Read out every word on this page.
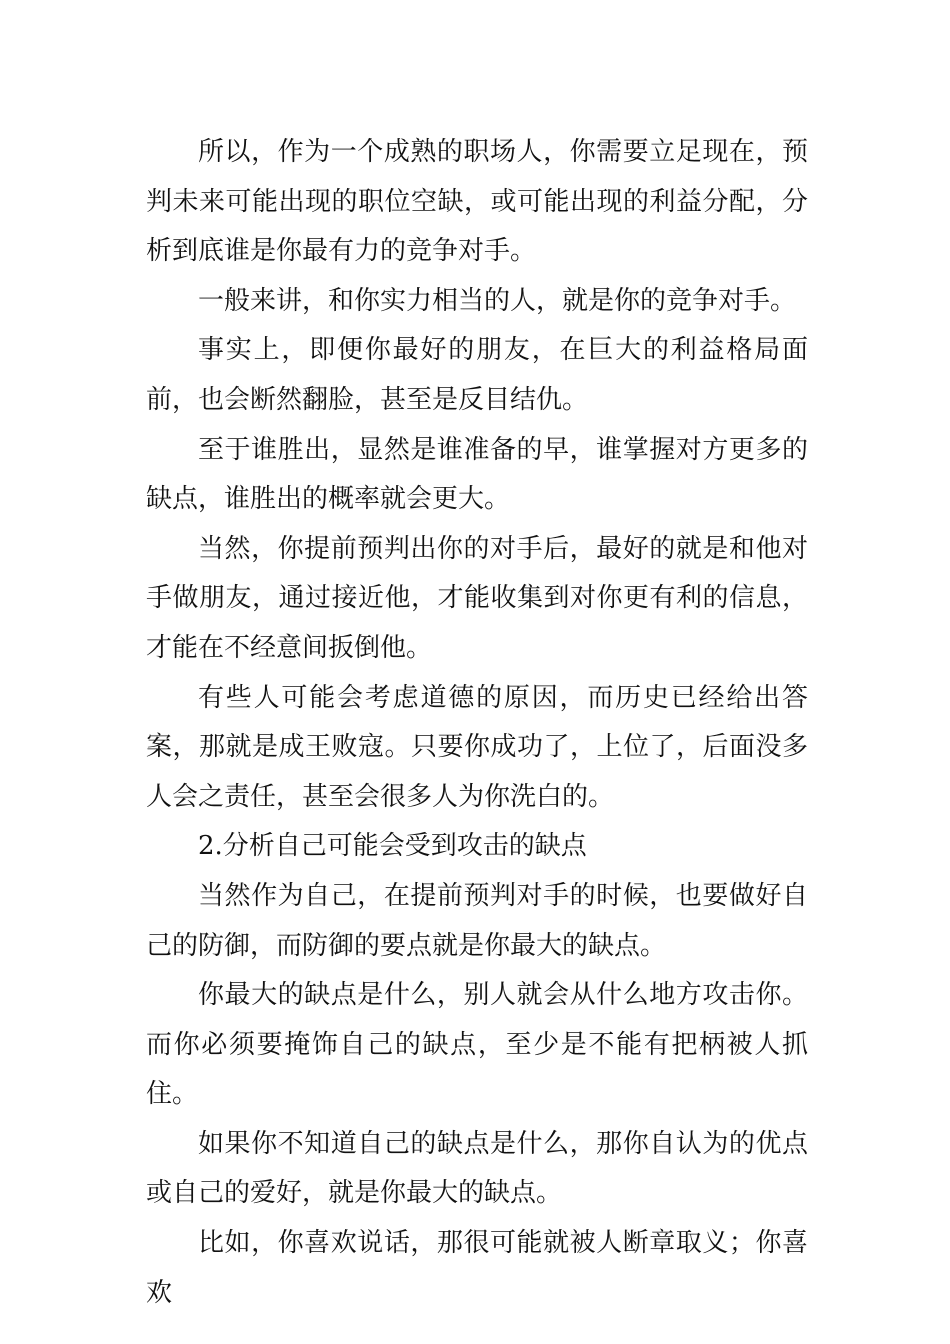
所以，作为一个成熟的职场人，你需要立足现在，预判未来可能出现的职位空缺，或可能出现的利益分配，分析到底谁是你最有力的竞争对手。

一般来讲，和你实力相当的人，就是你的竞争对手。

事实上，即便你最好的朋友，在巨大的利益格局面前，也会断然翻脸，甚至是反目结仇。

至于谁胜出，显然是谁准备的早，谁掌握对方更多的缺点，谁胜出的概率就会更大。

当然，你提前预判出你的对手后，最好的就是和他对手做朋友，通过接近他，才能收集到对你更有利的信息，才能在不经意间扳倒他。

有些人可能会考虑道德的原因，而历史已经给出答案，那就是成王败寇。只要你成功了，上位了，后面没多人会之责任，甚至会很多人为你洗白的。

2.分析自己可能会受到攻击的缺点

当然作为自己，在提前预判对手的时候，也要做好自己的防御，而防御的要点就是你最大的缺点。

你最大的缺点是什么，别人就会从什么地方攻击你。而你必须要掩饰自己的缺点，至少是不能有把柄被人抓住。

如果你不知道自己的缺点是什么，那你自认为的优点或自己的爱好，就是你最大的缺点。

比如，你喜欢说话，那很可能就被人断章取义；你喜欢
